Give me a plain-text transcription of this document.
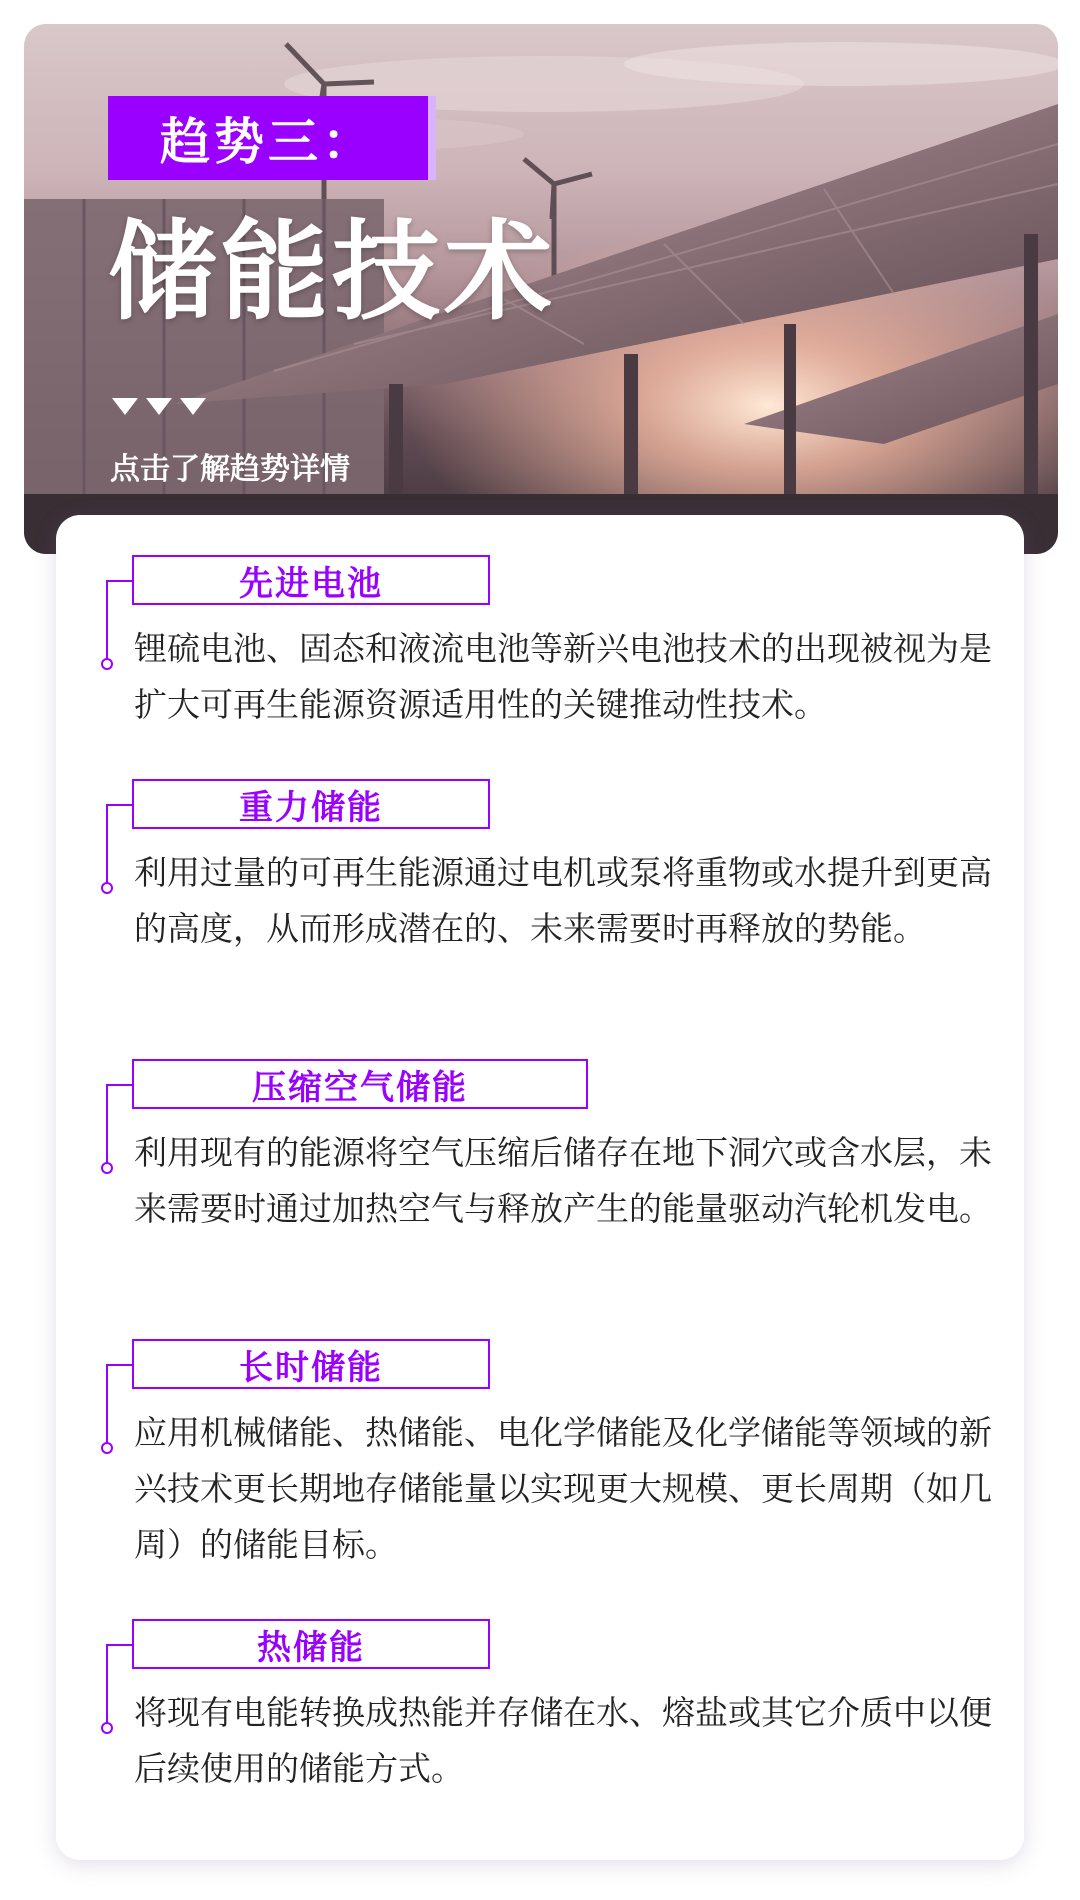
趋势三：
储能技术
点击了解趋势详情
先进电池
锂硫电池、固态和液流电池等新兴电池技术的出现被视为是扩大可再生能源资源适用性的关键推动性技术。
重力储能
利用过量的可再生能源通过电机或泵将重物或水提升到更高的高度，从而形成潜在的、未来需要时再释放的势能。
压缩空气储能
利用现有的能源将空气压缩后储存在地下洞穴或含水层，未来需要时通过加热空气与释放产生的能量驱动汽轮机发电。
长时储能
应用机械储能、热储能、电化学储能及化学储能等领域的新兴技术更长期地存储能量以实现更大规模、更长周期（如几周）的储能目标。
热储能
将现有电能转换成热能并存储在水、熔盐或其它介质中以便后续使用的储能方式。
